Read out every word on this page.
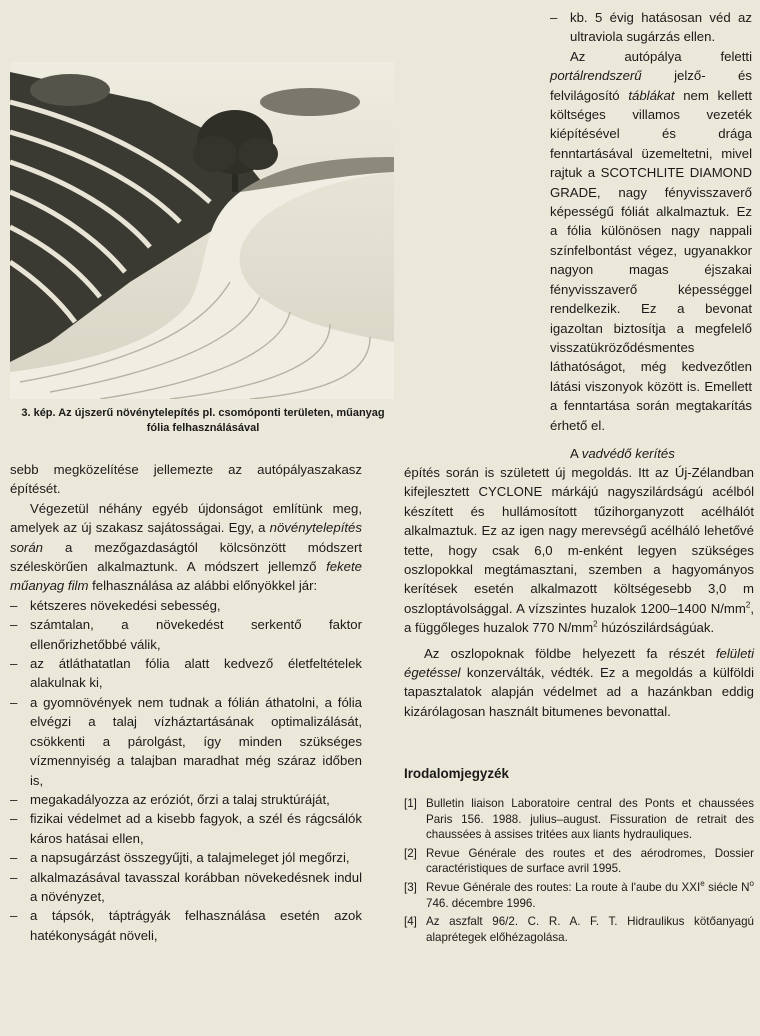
3. kép. Az újszerű növénytelepítés pl. csomóponti területen, műanyag fólia felhasználásával

sebb megközelítése jellemezte az autópályaszakasz építését.

Végezetül néhány egyéb újdonságot említünk meg, amelyek az új szakasz sajátosságai. Egy, a növénytelepítés során a mezőgazdaságtól kölcsönzött módszert széleskörűen alkalmaztunk. A módszert jellemző fekete műanyag film felhasználása az alábbi előnyökkel jár:

– kétszeres növekedési sebesség,
– számtalan, a növekedést serkentő faktor ellenőrizhetőbbé válik,
– az átláthatatlan fólia alatt kedvező életfeltételek alakulnak ki,
– a gyomnövények nem tudnak a fólián áthatolni, a fólia elvégzi a talaj vízháztartásának optimalizálását, csökkenti a párolgást, így minden szükséges vízmennyiség a talajban maradhat még száraz időben is,
– megakadályozza az eróziót, őrzi a talaj struktúráját,
– fizikai védelmet ad a kisebb fagyok, a szél és rágcsálók káros hatásai ellen,
– a napsugárzást összegyűjti, a talajmeleget jól megőrzi,
– alkalmazásával tavasszal korábban növekedésnek indul a növényzet,
– a tápsók, táptrágyák felhasználása esetén azok hatékonyságát növeli,
– kb. 5 évig hatásosan véd az ultraviola sugárzás ellen.

Az autópálya feletti portálrendszerű jelző- és felvilágosító táblákat nem kellett költséges villamos vezeték kiépítésével és drága fenntartásával üzemeltetni, mivel rajtuk a SCOTCHLITE DIAMOND GRADE, nagy fényvisszaverő képességű fóliát alkalmaztuk. Ez a fólia különösen nagy nappali színfelbontást végez, ugyanakkor nagyon magas éjszakai fényvisszaverő képességgel rendelkezik. Ez a bevonat igazoltan biztosítja a megfelelő visszatükröződésmentes láthatóságot, még kedvezőtlen látási viszonyok között is. Emellett a fenntartása során megtakarítás érhető el.

A vadvédő kerítés

építés során is született új megoldás. Itt az Új-Zélandban kifejlesztett CYCLONE márkájú nagyszilárdságú acélból készített és hullámosított tűzihorganyzott acélhálót alkalmaztuk. Ez az igen nagy merevségű acélháló lehetővé tette, hogy csak 6,0 m-enként legyen szükséges oszlopokkal megtámasztani, szemben a hagyományos kerítések esetén alkalmazott költségesebb 3,0 m oszloptávolsággal. A vízszintes huzalok 1200–1400 $N/mm^2$, a függőleges huzalok 770 $N/mm^2$ húzószilárdságúak.

Az oszlopoknak földbe helyezett fa részét felületi égetéssel konzerválták, védték. Ez a megoldás a külföldi tapasztalatok alapján védelmet ad a hazánkban eddig kizárólagosan használt bitumenes bevonattal.

Irodalomjegyzék
[1] Bulletin liaison Laboratoire central des Ponts et chaussées Paris 156. 1988. julius–august. Fissuration de retrait des chaussées à assises tritées aux liants hydrauliques.
[2] Revue Générale des routes et des aérodromes, Dossier caractéristiques de surface avril 1995.
[3] Revue Générale des routes: La route à l'aube du XXIe siécle $N^o$ 746. décembre 1996.
[4] Az aszfalt 96/2. C. R. A. F. T. Hidraulikus kötőanyagú alaprétegek előhézagolása.
